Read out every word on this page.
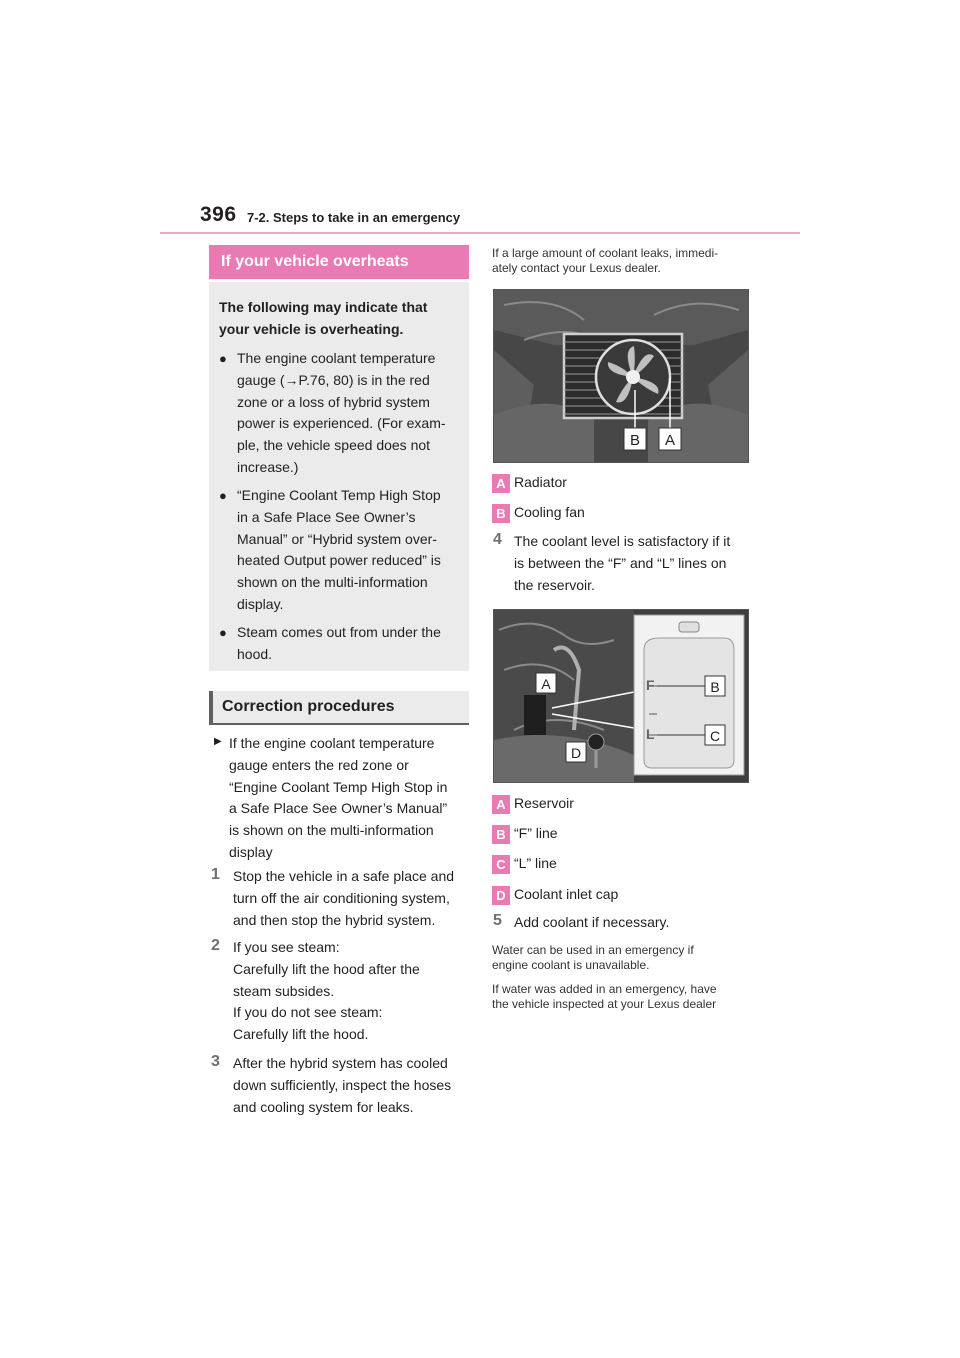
396 7-2. Steps to take in an emergency
If your vehicle overheats
The following may indicate that your vehicle is overheating.
● The engine coolant temperature
gauge (→P.76, 80) is in the red
zone or a loss of hybrid system
power is experienced. (For exam-
ple, the vehicle speed does not
increase.)
● “Engine Coolant Temp High Stop
in a Safe Place See Owner’s
Manual” or “Hybrid system over-
heated Output power reduced” is
shown on the multi-information
display.
● Steam comes out from under the
hood.
Correction procedures
▶ If the engine coolant temperature
gauge enters the red zone or
“Engine Coolant Temp High Stop in
a Safe Place See Owner’s Manual”
is shown on the multi-information
display
1 Stop the vehicle in a safe place and
turn off the air conditioning system,
and then stop the hybrid system.
2 If you see steam:
Carefully lift the hood after the
steam subsides.
If you do not see steam:
Carefully lift the hood.
3 After the hybrid system has cooled
down sufficiently, inspect the hoses
and cooling system for leaks.
If a large amount of coolant leaks, immedi-
ately contact your Lexus dealer.
B A
A Radiator
B Cooling fan
4 The coolant level is satisfactory if it
is between the “F” and “L” lines on
the reservoir.
F
L
B
C
A
D
A Reservoir
B “F” line
C “L” line
D Coolant inlet cap
5 Add coolant if necessary.
Water can be used in an emergency if
engine coolant is unavailable.
If water was added in an emergency, have
the vehicle inspected at your Lexus dealer
